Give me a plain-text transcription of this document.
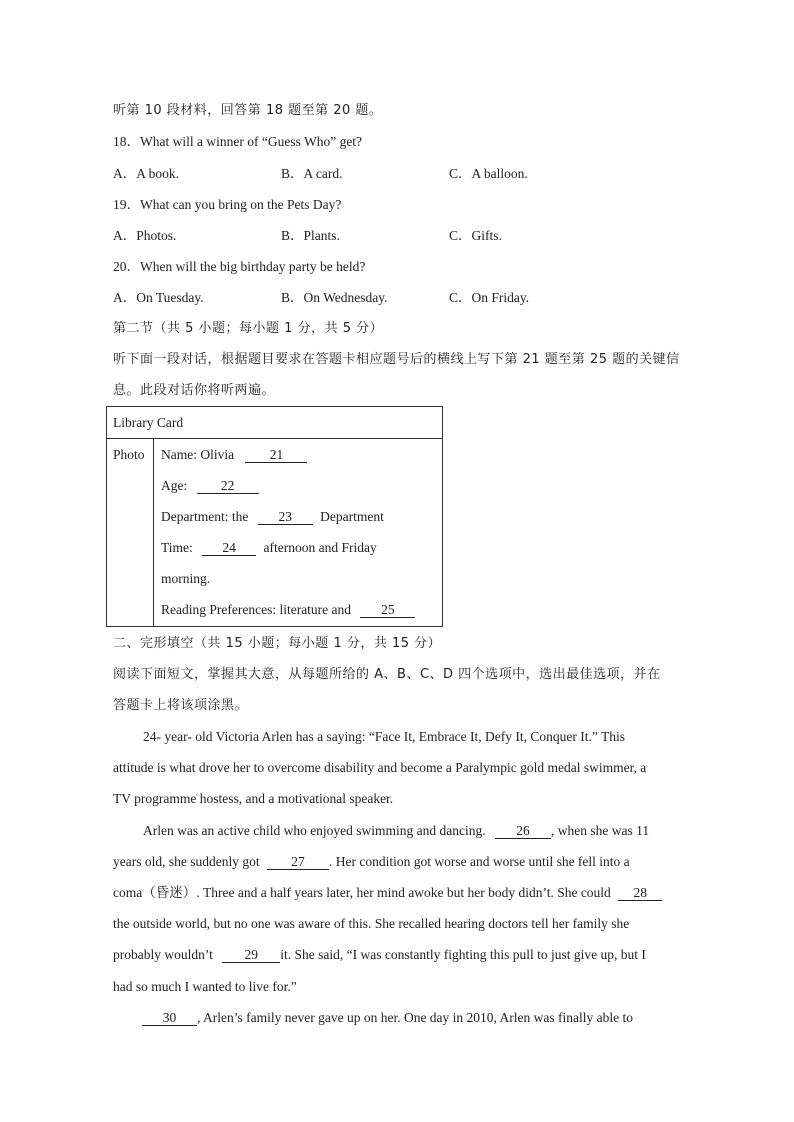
听第 10 段材料，回答第 18 题至第 20 题。
18．What will a winner of “Guess Who” get?
A．A book.	B．A card.	C．A balloon.
19．What can you bring on the Pets Day?
A．Photos.	B．Plants.	C．Gifts.
20．When will the big birthday party be held?
A．On Tuesday.	B．On Wednesday.	C．On Friday.
第二节（共 5 小题；每小题 1 分，共 5 分）
听下面一段对话，根据题目要求在答题卡相应题号后的横线上写下第 21 题至第 25 题的关键信
息。此段对话你将听两遍。
Library Card

Photo	Name: Olivia	21
Age: 22
Department: the 23 Department
Time: 24 afternoon and Friday
morning.
Reading Preferences: literature and 25
二、完形填空（共 15 小题；每小题 1 分，共 15 分）
阅读下面短文，掌握其大意，从每题所给的 A、B、C、D 四个选项中，选出最佳选项，并在
答题卡上将该项涂黑。
24- year- old Victoria Arlen has a saying: “Face It, Embrace It, Defy It, Conquer It.” This
attitude is what drove her to overcome disability and become a Paralympic gold medal swimmer, a
TV programme hostess, and a motivational speaker.
Arlen was an active child who enjoyed swimming and dancing. 26 , when she was 11
years old, she suddenly got 27 . Her condition got worse and worse until she fell into a
coma（昏迷）. Three and a half years later, her mind awoke but her body didn’t. She could 28
the outside world, but no one was aware of this. She recalled hearing doctors tell her family she
probably wouldn’t 29 it. She said, “I was constantly fighting this pull to just give up, but I
had so much I wanted to live for.”
30 , Arlen’s family never gave up on her. One day in 2010, Arlen was finally able to
